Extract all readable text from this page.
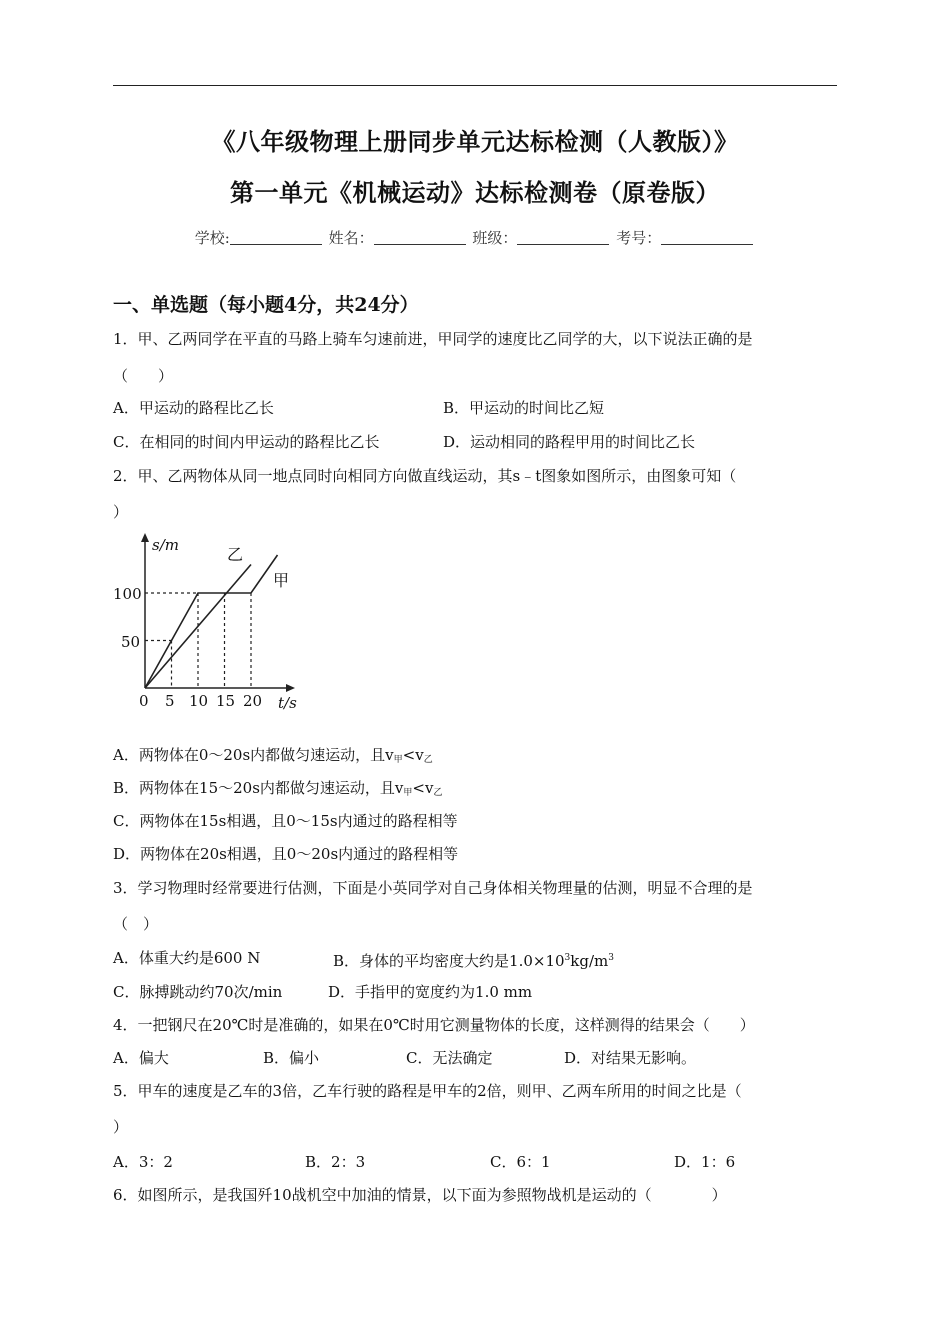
《八年级物理上册同步单元达标检测（人教版）》
第一单元《机械运动》达标检测卷（原卷版）
学校:	姓名：	班级：	考号：
一、单选题（每小题4分，共24分）
1．甲、乙两同学在平直的马路上骑车匀速前进，甲同学的速度比乙同学的大，以下说法正确的是
（　　）
A．甲运动的路程比乙长	B．甲运动的时间比乙短
C．在相同的时间内甲运动的路程比乙长	D．运动相同的路程甲用的时间比乙长
2．甲、乙两物体从同一地点同时向相同方向做直线运动，其s﹣t图象如图所示，由图象可知（
）
s/m
t/s
100
50
0 5 10 15 20
乙
甲
A．两物体在0～20s内都做匀速运动，且$v_甲<v_乙$
B．两物体在15～20s内都做匀速运动，且$v_甲<v_乙$
C．两物体在15s相遇，且0～15s内通过的路程相等
D．两物体在20s相遇，且0～20s内通过的路程相等
3．学习物理时经常要进行估测，下面是小英同学对自己身体相关物理量的估测，明显不合理的是
（　）
A．体重大约是600 N	B．身体的平均密度大约是$1.0\times 10^3kg/m^3$
C．脉搏跳动约70次/min	D．手指甲的宽度约为1.0 mm
4．一把钢尺在20℃时是准确的，如果在0℃时用它测量物体的长度，这样测得的结果会（　　）
A．偏大	B．偏小	C．无法确定	D．对结果无影响。
5．甲车的速度是乙车的3倍，乙车行驶的路程是甲车的2倍，则甲、乙两车所用的时间之比是（
）
A．3：2	B．2：3	C．6：1	D．1：6
6．如图所示，是我国歼10战机空中加油的情景，以下面为参照物战机是运动的（　　　　）
